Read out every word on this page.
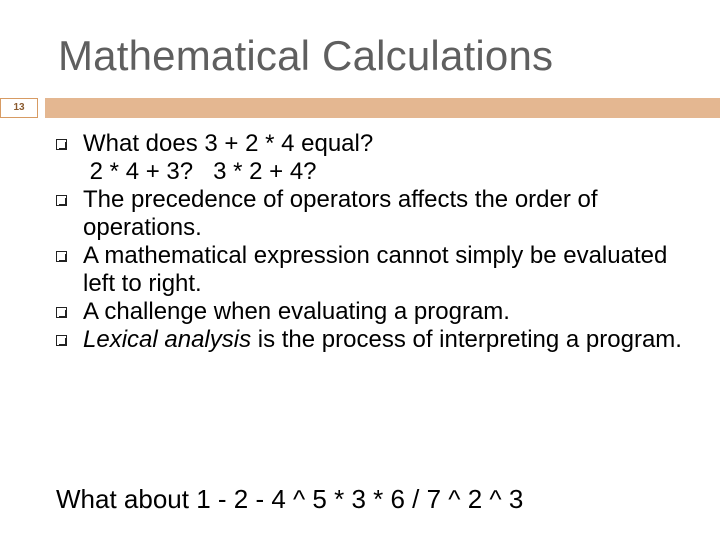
Mathematical Calculations
13
What does 3 + 2 * 4 equal?
2 * 4 + 3?   3 * 2 + 4?
The precedence of operators affects the order of operations.
A mathematical expression cannot simply be evaluated left to right.
A challenge when evaluating a program.
Lexical analysis is the process of interpreting a program.
What about 1 - 2 - 4 ^ 5 * 3 * 6 / 7 ^ 2 ^ 3
